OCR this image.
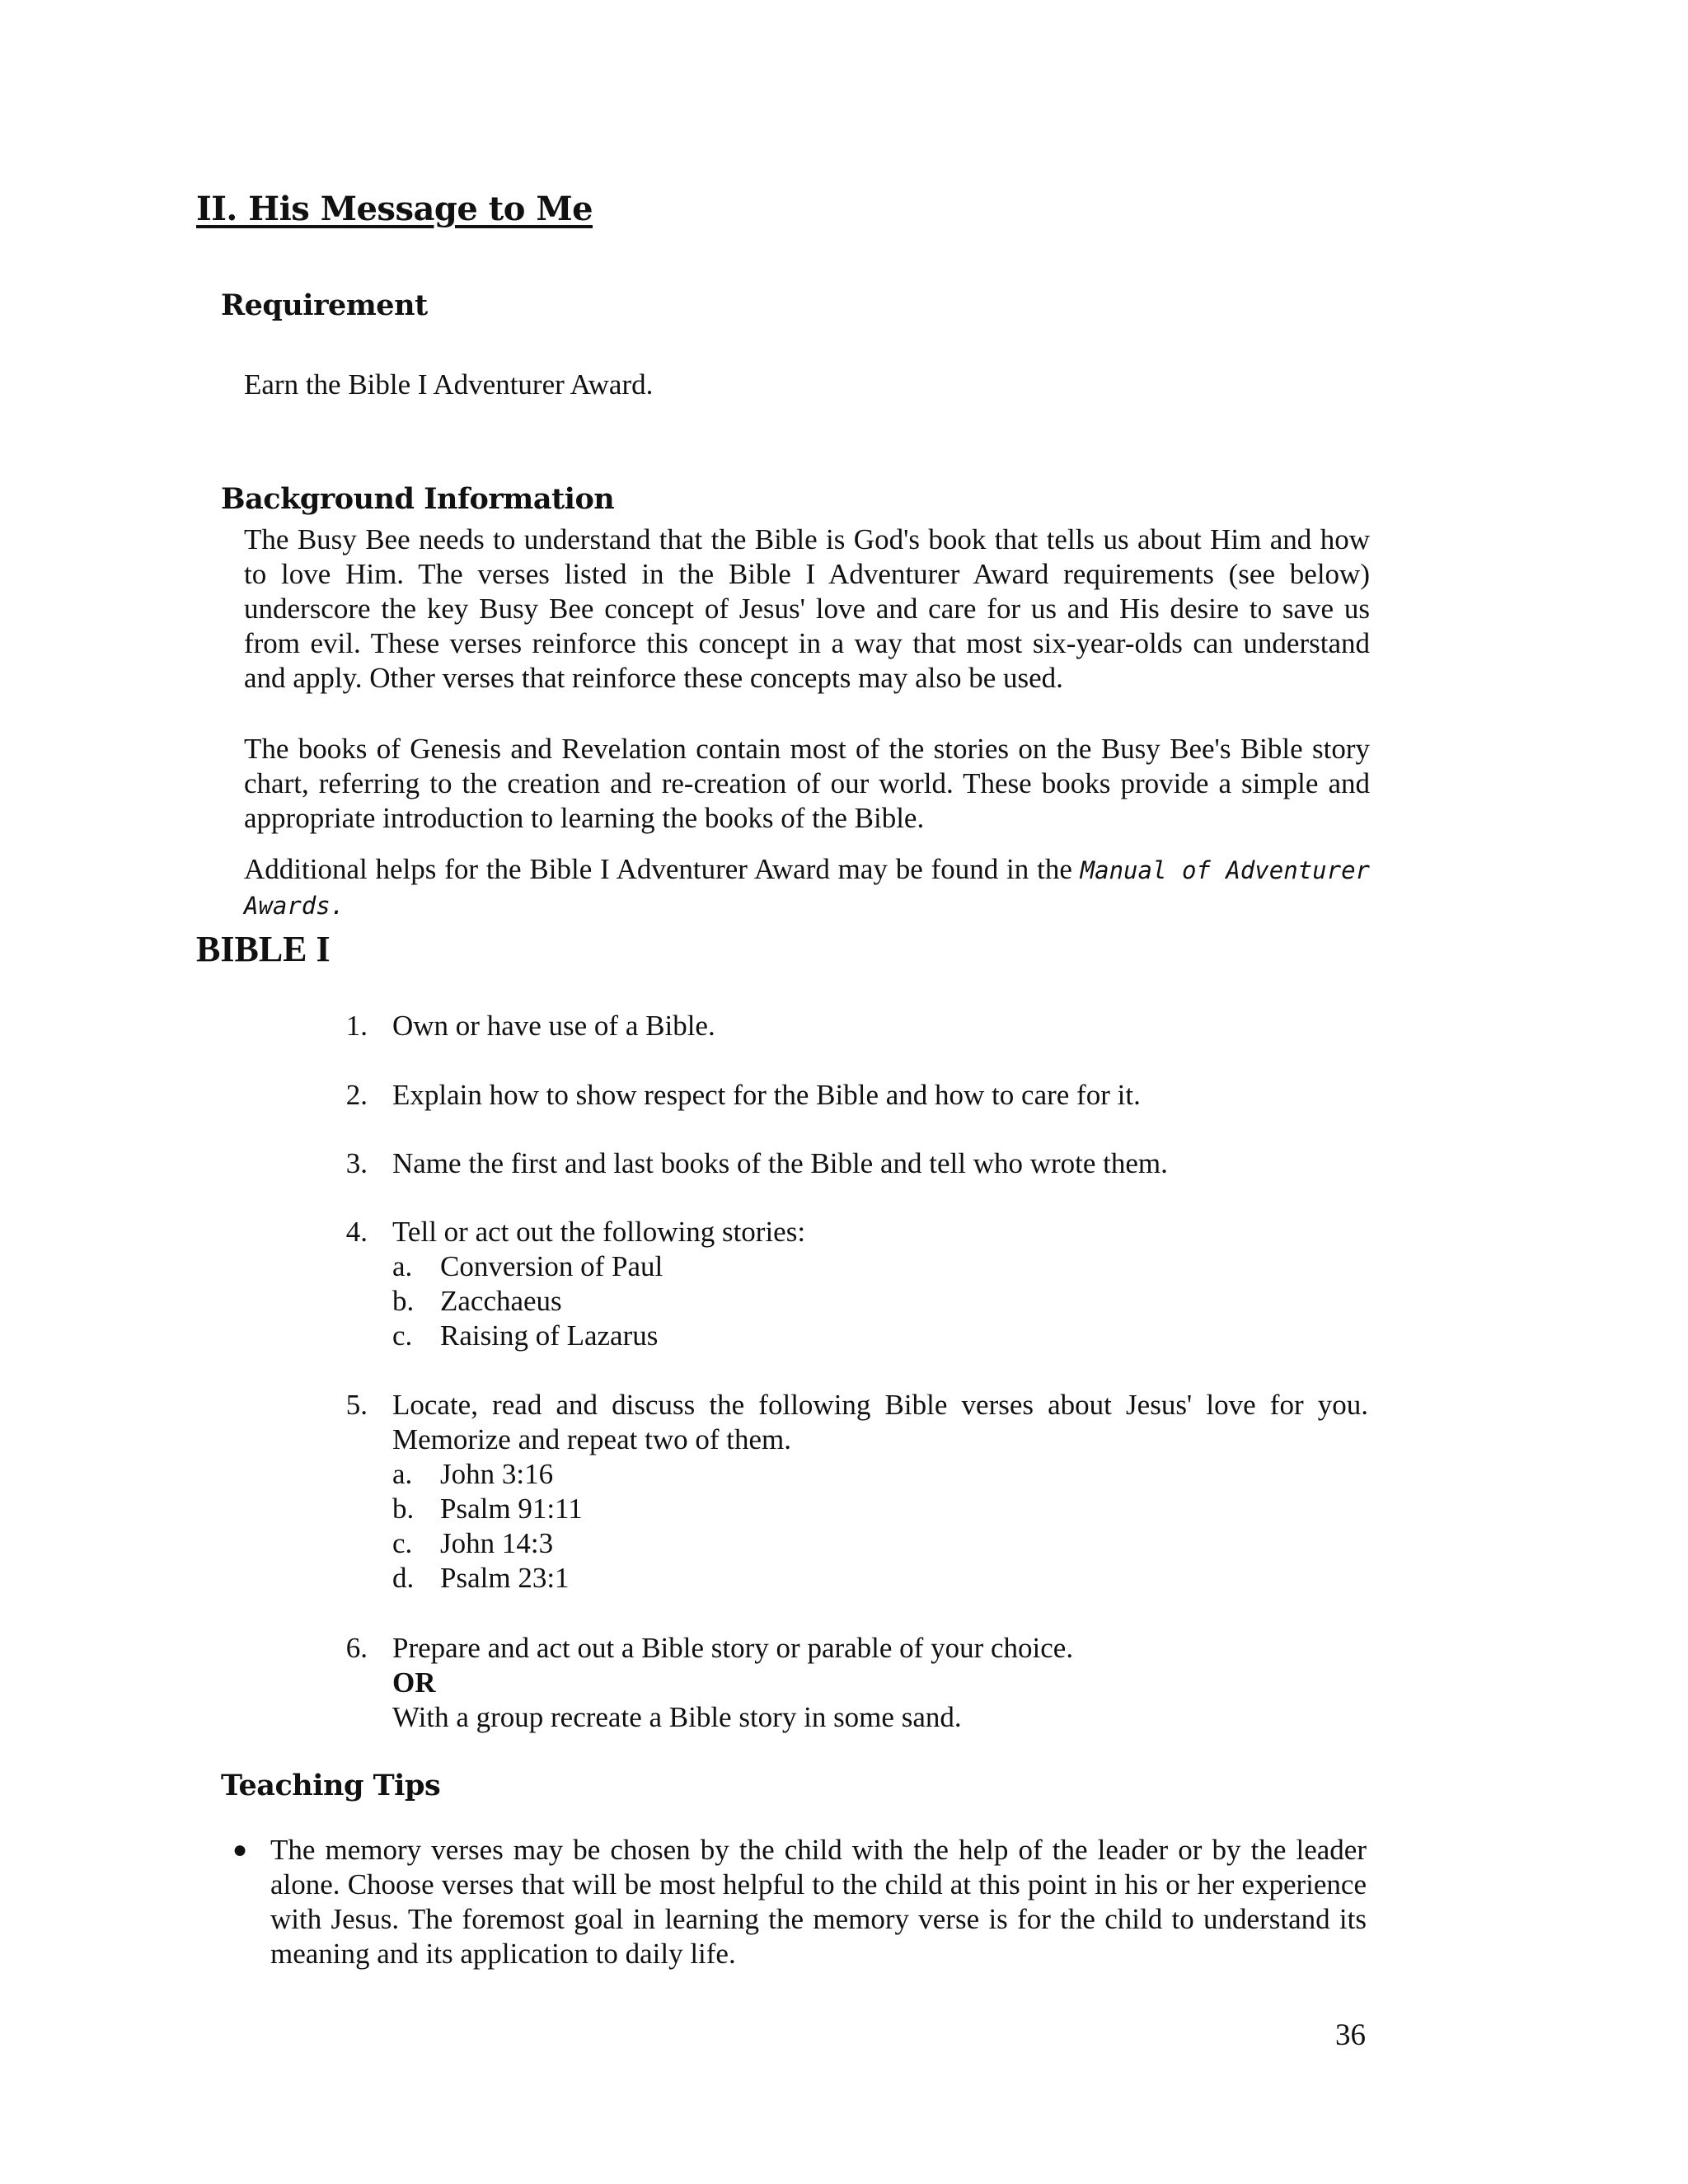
II. His Message to Me
Requirement

Earn the Bible I Adventurer Award.

Background Information

The Busy Bee needs to understand that the Bible is God's book that tells us about Him and how to love Him. The verses listed in the Bible I Adventurer Award requirements (see below) underscore the key Busy Bee concept of Jesus' love and care for us and His desire to save us from evil. These verses reinforce this concept in a way that most six-year-olds can understand and apply. Other verses that reinforce these concepts may also be used.

The books of Genesis and Revelation contain most of the stories on the Busy Bee's Bible story chart, referring to the creation and re-creation of our world. These books provide a simple and appropriate introduction to learning the books of the Bible.

Additional helps for the Bible I Adventurer Award may be found in the Manual of Adventurer Awards.

BIBLE I
1. Own or have use of a Bible.
2. Explain how to show respect for the Bible and how to care for it.
3. Name the first and last books of the Bible and tell who wrote them.
4. Tell or act out the following stories:
a. Conversion of Paul
b. Zacchaeus
c. Raising of Lazarus
5. Locate, read and discuss the following Bible verses about Jesus' love for you. Memorize and repeat two of them.
a. John 3:16
b. Psalm 91:11
c. John 14:3
d. Psalm 23:1
6. Prepare and act out a Bible story or parable of your choice.
OR
With a group recreate a Bible story in some sand.
Teaching Tips
● The memory verses may be chosen by the child with the help of the leader or by the leader alone. Choose verses that will be most helpful to the child at this point in his or her experience with Jesus. The foremost goal in learning the memory verse is for the child to understand its meaning and its application to daily life.

36
